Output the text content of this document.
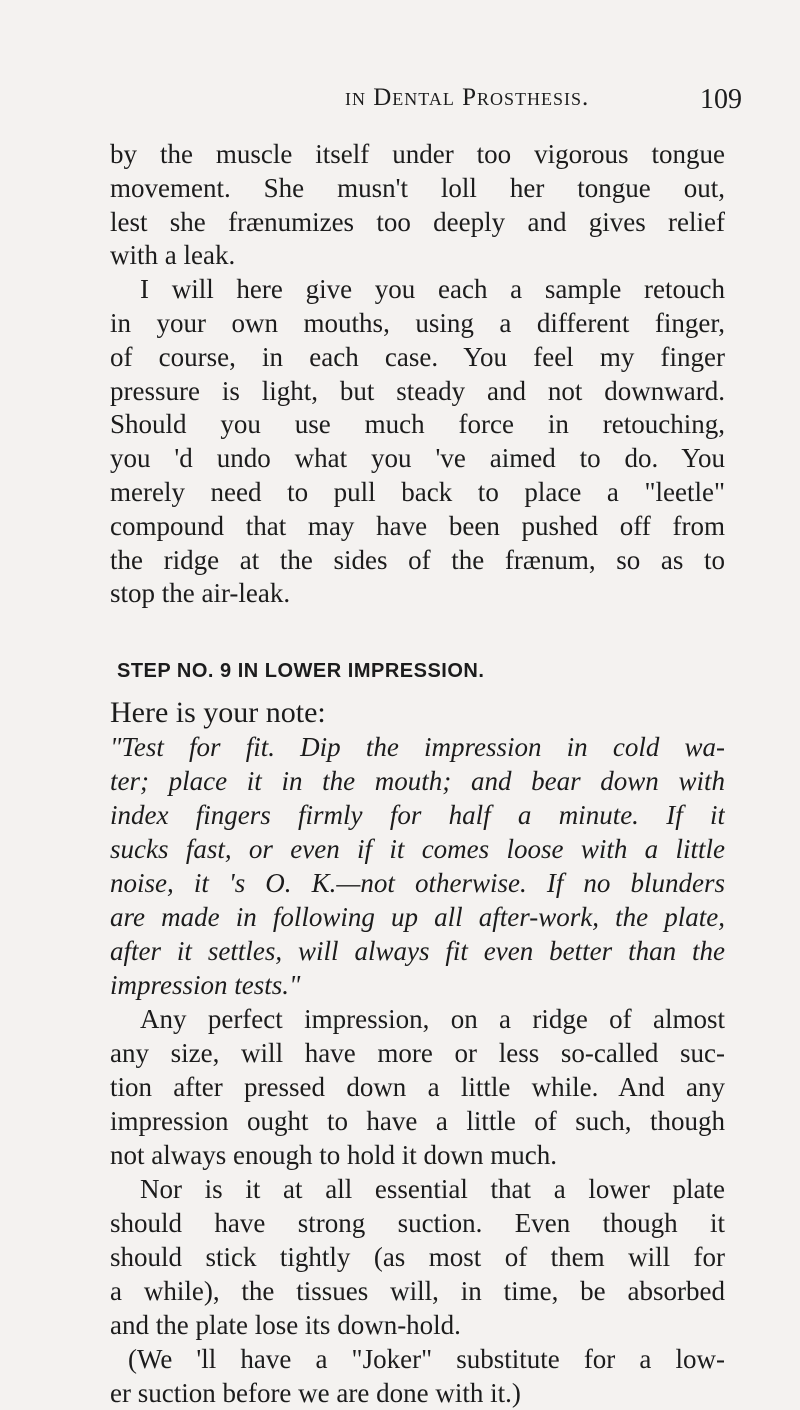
in Dental Prosthesis.	109
by the muscle itself under too vigorous tongue
movement. She musn't loll her tongue out,
lest she frænumizes too deeply and gives relief
with a leak.
I will here give you each a sample retouch
in your own mouths, using a different finger,
of course, in each case. You feel my finger
pressure is light, but steady and not downward.
Should you use much force in retouching,
you 'd undo what you 've aimed to do. You
merely need to pull back to place a "leetle"
compound that may have been pushed off from
the ridge at the sides of the frænum, so as to
stop the air-leak.
STEP NO. 9 IN LOWER IMPRESSION.
Here is your note:
"Test for fit. Dip the impression in cold wa-
ter; place it in the mouth; and bear down with
index fingers firmly for half a minute. If it
sucks fast, or even if it comes loose with a little
noise, it 's O. K.—not otherwise. If no blunders
are made in following up all after-work, the plate,
after it settles, will always fit even better than the
impression tests."
Any perfect impression, on a ridge of almost
any size, will have more or less so-called suc-
tion after pressed down a little while. And any
impression ought to have a little of such, though
not always enough to hold it down much.
Nor is it at all essential that a lower plate
should have strong suction. Even though it
should stick tightly (as most of them will for
a while), the tissues will, in time, be absorbed
and the plate lose its down-hold.
(We 'll have a "Joker" substitute for a low-
er suction before we are done with it.)
